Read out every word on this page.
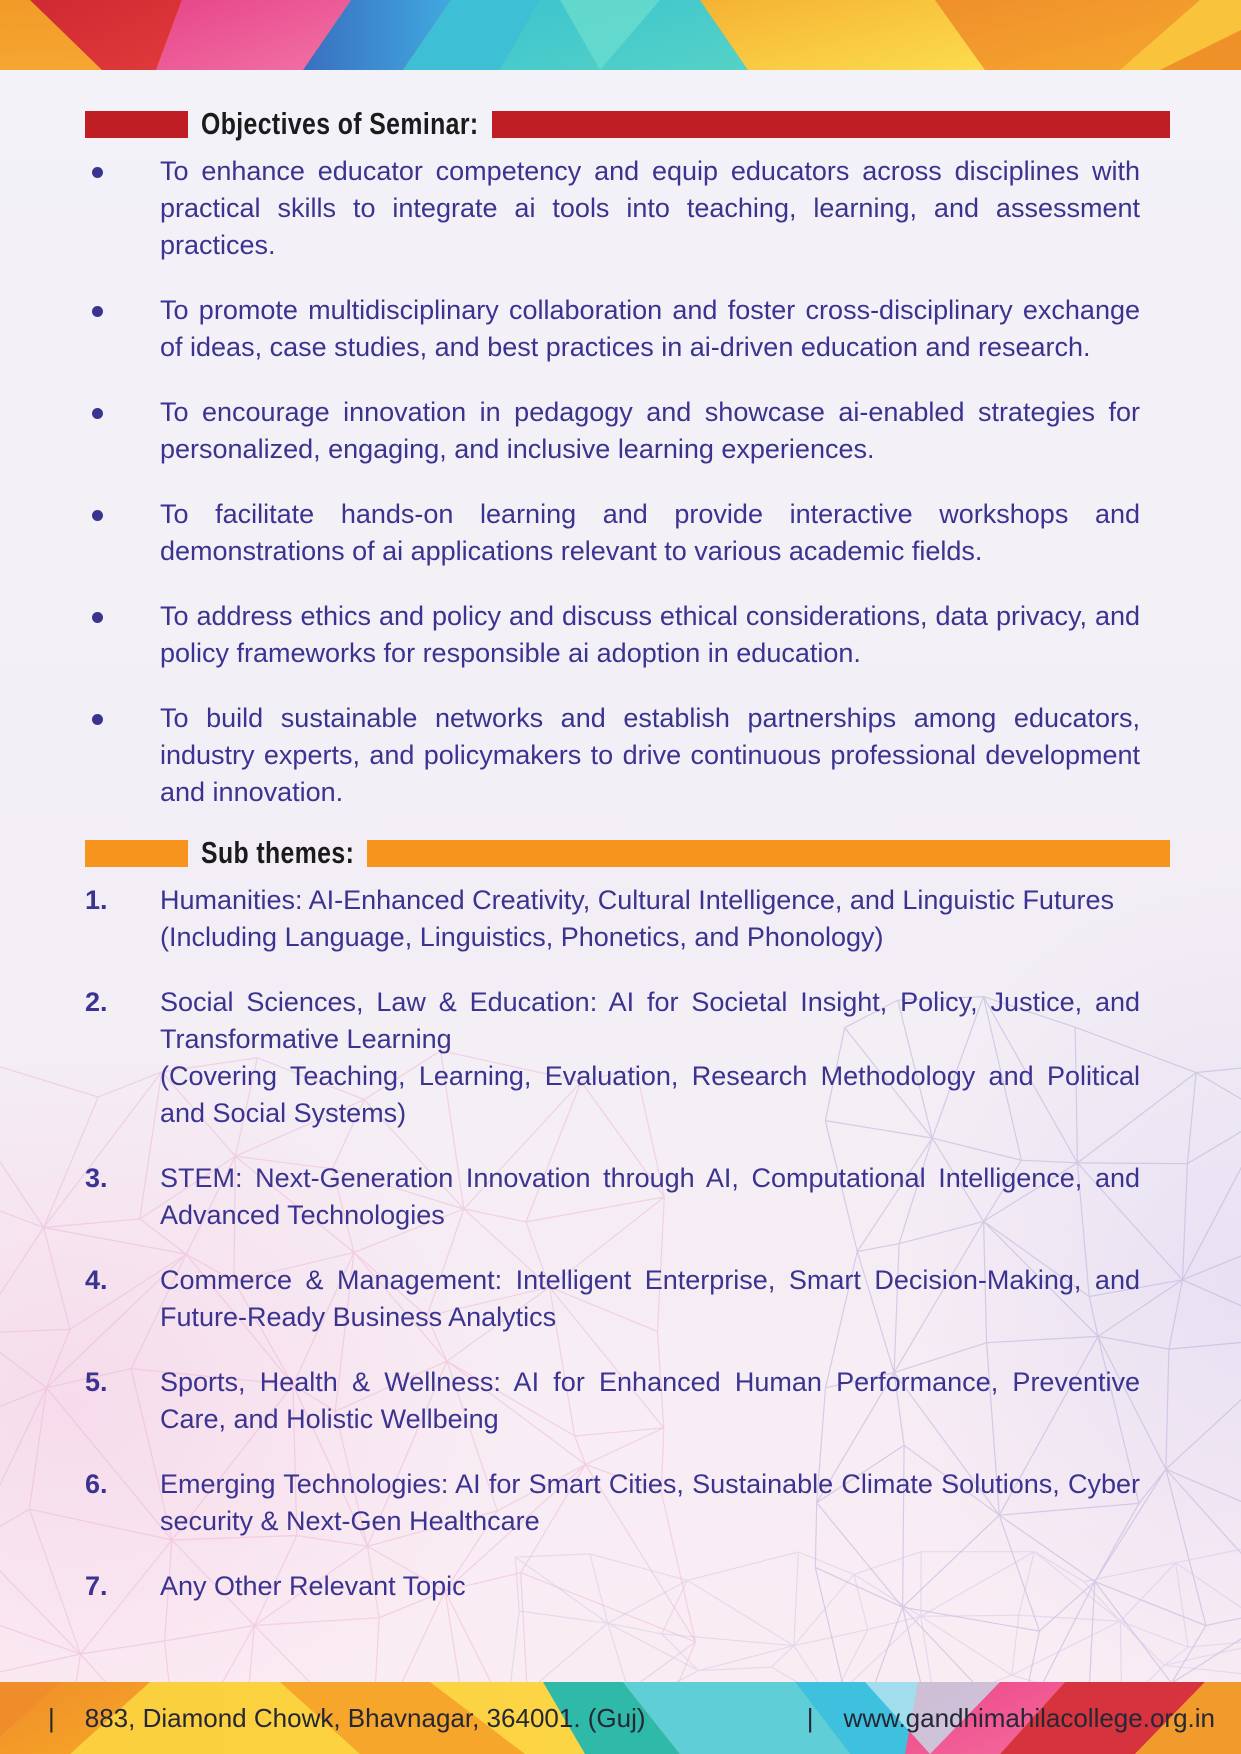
Objectives of Seminar:

To enhance educator competency and equip educators across disciplines with practical skills to integrate ai tools into teaching, learning, and assessment practices.

To promote multidisciplinary collaboration and foster cross-disciplinary exchange of ideas, case studies, and best practices in ai-driven education and research.

To encourage innovation in pedagogy and showcase ai-enabled strategies for personalized, engaging, and inclusive learning experiences.

To facilitate hands-on learning and provide interactive workshops and demonstrations of ai applications relevant to various academic fields.

To address ethics and policy and discuss ethical considerations, data privacy, and policy frameworks for responsible ai adoption in education.

To build sustainable networks and establish partnerships among educators, industry experts, and policymakers to drive continuous professional development and innovation.

Sub themes:
1.	Humanities: AI-Enhanced Creativity, Cultural Intelligence, and Linguistic Futures

(Including Language, Linguistics, Phonetics, and Phonology)

2.	Social Sciences, Law & Education: AI for Societal Insight, Policy, Justice, and Transformative Learning

(Covering Teaching, Learning, Evaluation, Research Methodology and Political and Social Systems)

3.	STEM: Next-Generation Innovation through AI, Computational Intelligence, and Advanced Technologies

4.	Commerce & Management: Intelligent Enterprise, Smart Decision-Making, and Future-Ready Business Analytics

5.	Sports, Health & Wellness: AI for Enhanced Human Performance, Preventive Care, and Holistic Wellbeing

6.	Emerging Technologies: AI for Smart Cities, Sustainable Climate Solutions, Cyber security & Next-Gen Healthcare

7.	Any Other Relevant Topic

| 883, Diamond Chowk, Bhavnagar, 364001. (Guj)	| www.gandhimahilacollege.org.in
